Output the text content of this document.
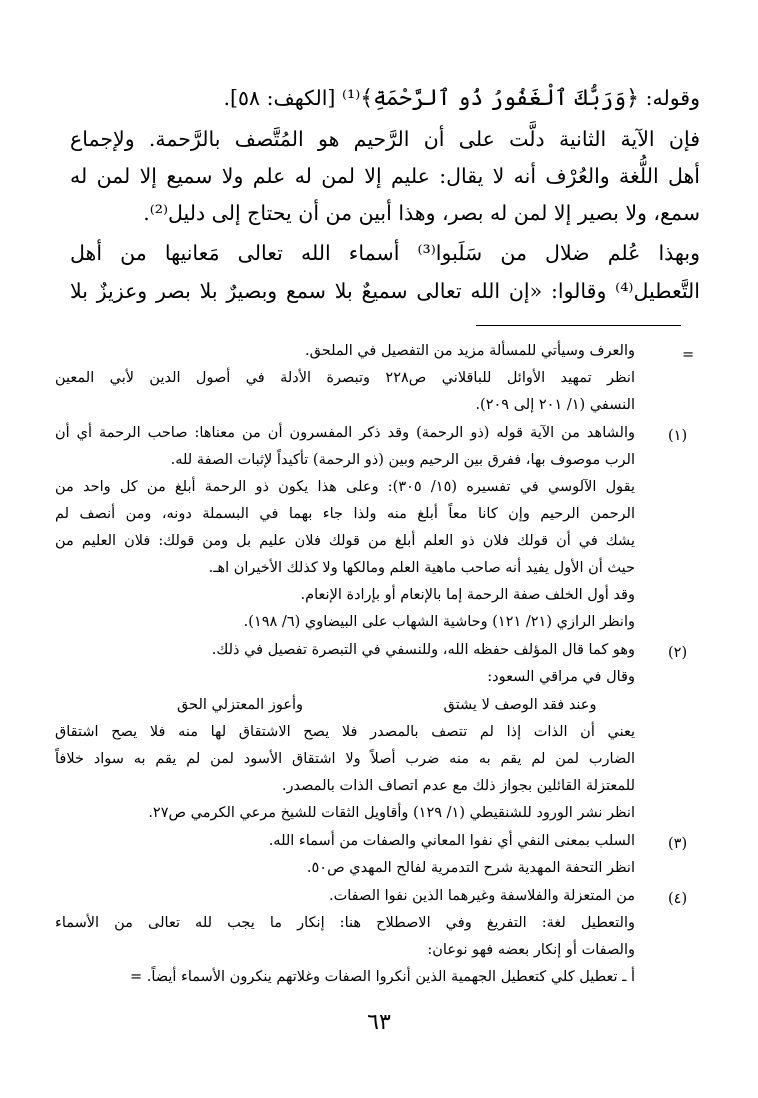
وقوله: ﴿وَرَبُّكَ ٱلْغَفُورُ ذُو ٱلرَّحْمَةِ﴾⁽¹⁾ [الكهف: ٥٨].
فإن الآية الثانية دلَّت على أن الرَّحيم هو المُتَّصف بالرَّحمة. ولإجماع
أهل اللُّغة والعُرْف أنه لا يقال: عليم إلا لمن له علم ولا سميع إلا لمن له
سمع، ولا بصير إلا لمن له بصر، وهذا أبين من أن يحتاج إلى دليل⁽²⁾.
وبهذا عُلم ضلال من سَلَبوا⁽³⁾ أسماء الله تعالى مَعانيها من أهل
التَّعطيل⁽⁴⁾ وقالوا: «إن الله تعالى سميعٌ بلا سمع وبصيرٌ بلا بصر وعزيزٌ بلا
=
والعرف وسيأتي للمسألة مزيد من التفصيل في الملحق.
انظر تمهيد الأوائل للباقلاني ص٢٢٨ وتبصرة الأدلة في أصول الدين لأبي المعين
النسفي (١/ ٢٠١ إلى ٢٠٩).
(١)
والشاهد من الآية قوله (ذو الرحمة) وقد ذكر المفسرون أن من معناها: صاحب الرحمة أي أن
الرب موصوف بها، ففرق بين الرحيم وبين (ذو الرحمة) تأكيداً لإثبات الصفة لله.
يقول الآلوسي في تفسيره (١٥/ ٣٠٥): وعلى هذا يكون ذو الرحمة أبلغ من كل واحد من
الرحمن الرحيم وإن كانا معاً أبلغ منه ولذا جاء بهما في البسملة دونه، ومن أنصف لم
يشك في أن قولك فلان ذو العلم أبلغ من قولك فلان عليم بل ومن قولك: فلان العليم من
حيث أن الأول يفيد أنه صاحب ماهية العلم ومالكها ولا كذلك الأخيران اهـ.
وقد أول الخلف صفة الرحمة إما بالإنعام أو بإرادة الإنعام.
وانظر الرازي (٢١/ ١٢١) وحاشية الشهاب على البيضاوي (٦/ ١٩٨).
(٢)
وهو كما قال المؤلف حفظه الله، وللنسفي في التبصرة تفصيل في ذلك.
وقال في مراقي السعود:
وعند فقد الوصف لا يشتق
وأعوز المعتزلي الحق
يعني أن الذات إذا لم تتصف بالمصدر فلا يصح الاشتقاق لها منه فلا يصح اشتقاق
الضارب لمن لم يقم به منه ضرب أصلاً ولا اشتقاق الأسود لمن لم يقم به سواد خلافاً
للمعتزلة القائلين بجواز ذلك مع عدم اتصاف الذات بالمصدر.
انظر نشر الورود للشنقيطي (١/ ١٢٩) وأقاويل الثقات للشيخ مرعي الكرمي ص٢٧.
(٣)
السلب بمعنى النفي أي نفوا المعاني والصفات من أسماء الله.
انظر التحفة المهدية شرح التدمرية لفالح المهدي ص٥٠.
(٤)
من المتعزلة والفلاسفة وغيرهما الذين نفوا الصفات.
والتعطيل لغة: التفريغ وفي الاصطلاح هنا: إنكار ما يجب لله تعالى من الأسماء
والصفات أو إنكار بعضه فهو نوعان:
أ ـ تعطيل كلي كتعطيل الجهمية الذين أنكروا الصفات وغلاتهم ينكرون الأسماء أيضاً. =
٦٣
